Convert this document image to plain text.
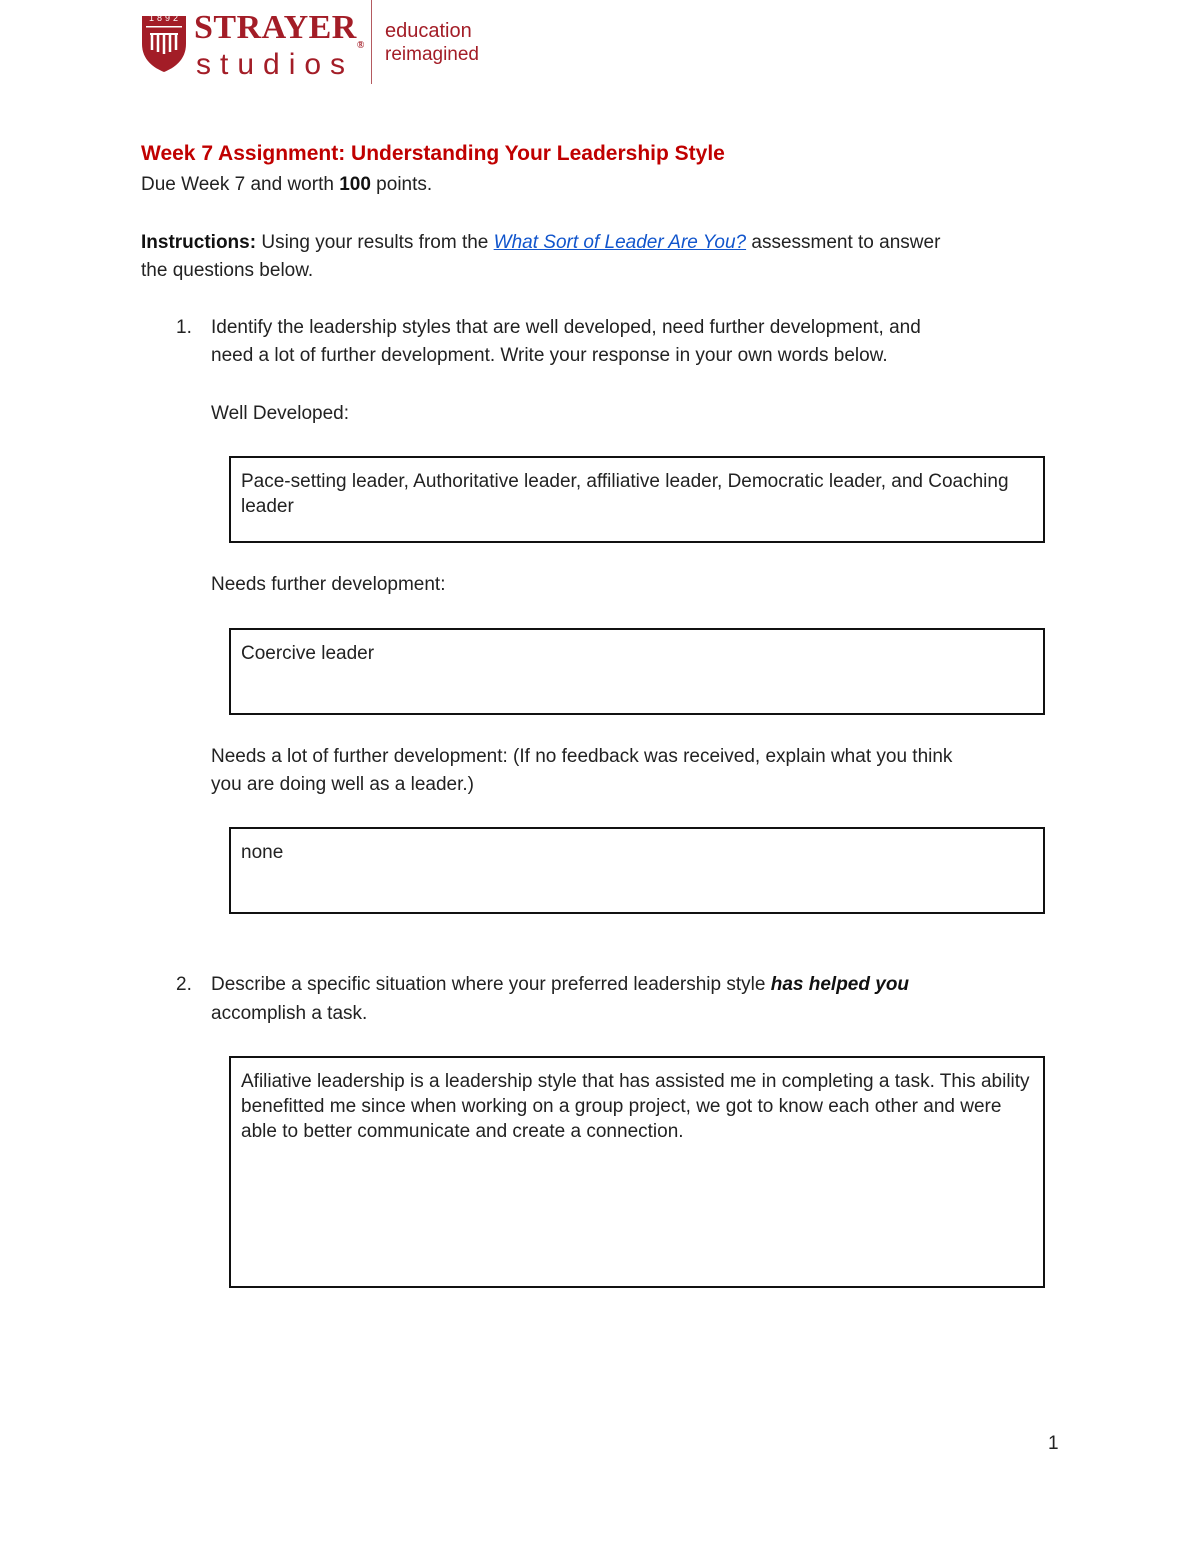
1892 STRAYER®
studios
education
reimagined
Week 7 Assignment: Understanding Your Leadership Style
Due Week 7 and worth 100 points.
Instructions: Using your results from the What Sort of Leader Are You? assessment to answer
the questions below.
1. Identify the leadership styles that are well developed, need further development, and
need a lot of further development. Write your response in your own words below.
Well Developed:
Pace-setting leader, Authoritative leader, affiliative leader, Democratic leader, and Coaching leader
Needs further development:
Coercive leader
Needs a lot of further development: (If no feedback was received, explain what you think
you are doing well as a leader.)
none
2. Describe a specific situation where your preferred leadership style has helped you
accomplish a task.
Afiliative leadership is a leadership style that has assisted me in completing a task. This ability benefitted me since when working on a group project, we got to know each other and were able to better communicate and create a connection.
1
